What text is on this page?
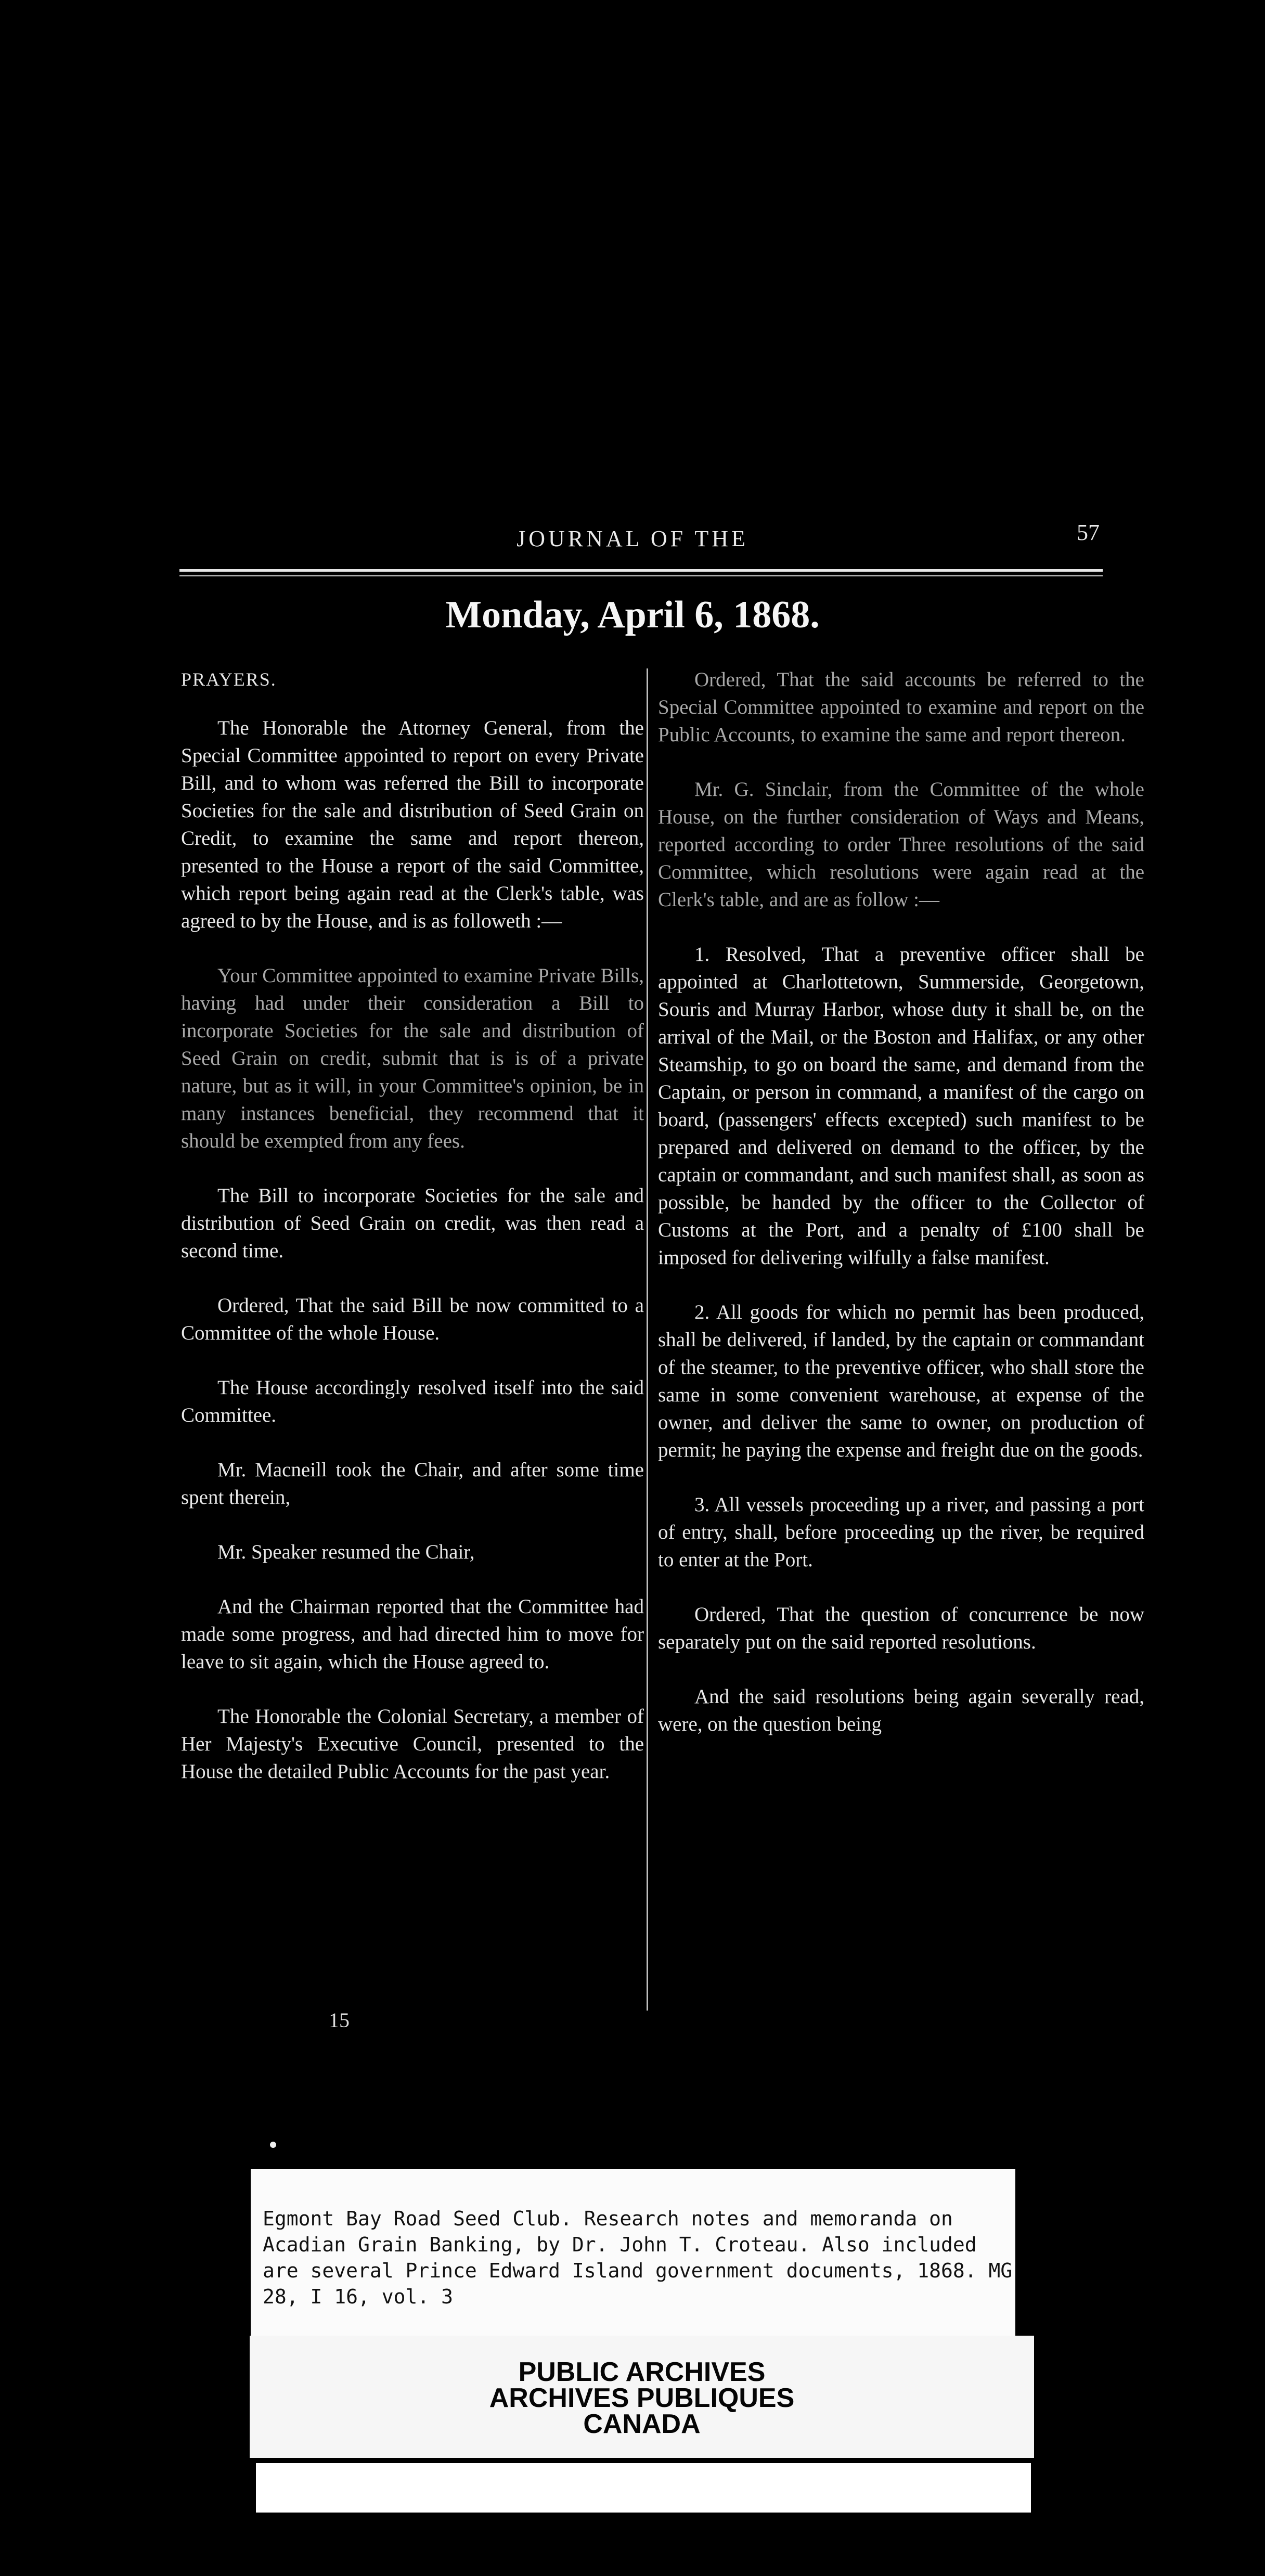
JOURNAL OF THE	57
Monday, April 6, 1868.

PRAYERS.

The Honorable the Attorney General, from the Special Committee appointed to report on every Private Bill, and to whom was referred the Bill to incorporate Societies for the sale and distribution of Seed Grain on Credit, to examine the same and report thereon, presented to the House a report of the said Committee, which report being again read at the Clerk's table, was agreed to by the House, and is as followeth :—

Your Committee appointed to examine Private Bills, having had under their consideration a Bill to incorporate Societies for the sale and distribution of Seed Grain on credit, submit that is is of a private nature, but as it will, in your Committee's opinion, be in many instances beneficial, they recommend that it should be exempted from any fees.

The Bill to incorporate Societies for the sale and distribution of Seed Grain on credit, was then read a second time.

Ordered, That the said Bill be now committed to a Committee of the whole House.

The House accordingly resolved itself into the said Committee.

Mr. Macneill took the Chair, and after some time spent therein,

Mr. Speaker resumed the Chair,

And the Chairman reported that the Committee had made some progress, and had directed him to move for leave to sit again, which the House agreed to.

The Honorable the Colonial Secretary, a member of Her Majesty's Executive Council, presented to the House the detailed Public Accounts for the past year.

Ordered, That the said accounts be referred to the Special Committee appointed to examine and report on the Public Accounts, to examine the same and report thereon.

Mr. G. Sinclair, from the Committee of the whole House, on the further consideration of Ways and Means, reported according to order Three resolutions of the said Committee, which resolutions were again read at the Clerk's table, and are as follow :—

1. Resolved, That a preventive officer shall be appointed at Charlottetown, Summerside, Georgetown, Souris and Murray Harbor, whose duty it shall be, on the arrival of the Mail, or the Boston and Halifax, or any other Steamship, to go on board the same, and demand from the Captain, or person in command, a manifest of the cargo on board, (passengers' effects excepted) such manifest to be prepared and delivered on demand to the officer, by the captain or commandant, and such manifest shall, as soon as possible, be handed by the officer to the Collector of Customs at the Port, and a penalty of £100 shall be imposed for delivering wilfully a false manifest.

2. All goods for which no permit has been produced, shall be delivered, if landed, by the captain or commandant of the steamer, to the preventive officer, who shall store the same in some convenient warehouse, at expense of the owner, and deliver the same to owner, on production of permit; he paying the expense and freight due on the goods.

3. All vessels proceeding up a river, and passing a port of entry, shall, before proceeding up the river, be required to enter at the Port.

Ordered, That the question of concurrence be now separately put on the said reported resolutions.

And the said resolutions being again severally read, were, on the question being

15
Egmont Bay Road Seed Club. Research notes and memoranda on Acadian Grain Banking, by Dr. John T. Croteau. Also included are several Prince Edward Island government documents, 1868. MG 28, I 16, vol. 3
PUBLIC ARCHIVES
ARCHIVES PUBLIQUES
CANADA
